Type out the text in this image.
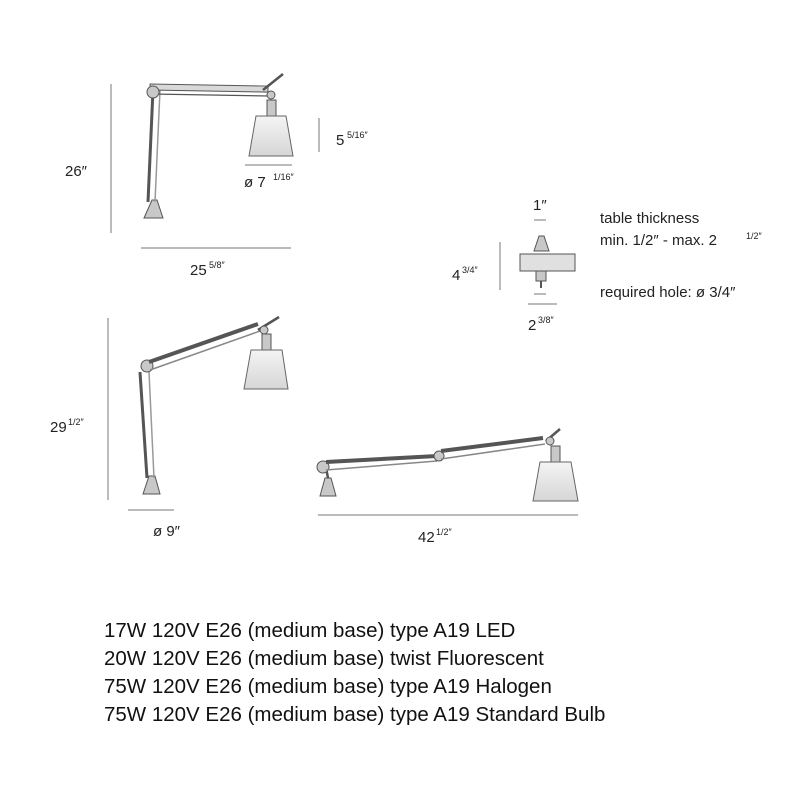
26″
25 5/8″
5 5/16″
ø 7 1/16″
1″
4 3/4″
2 3/8″
table thickness
min. 1/2″ - max. 2	1/2″
required hole: ø 3/4″
29 1/2″
ø 9″	42 1/2″
17W 120V E26 (medium base) type A19 LED
20W 120V E26 (medium base) twist Fluorescent
75W 120V E26 (medium base) type A19 Halogen
75W 120V E26 (medium base) type A19 Standard Bulb
